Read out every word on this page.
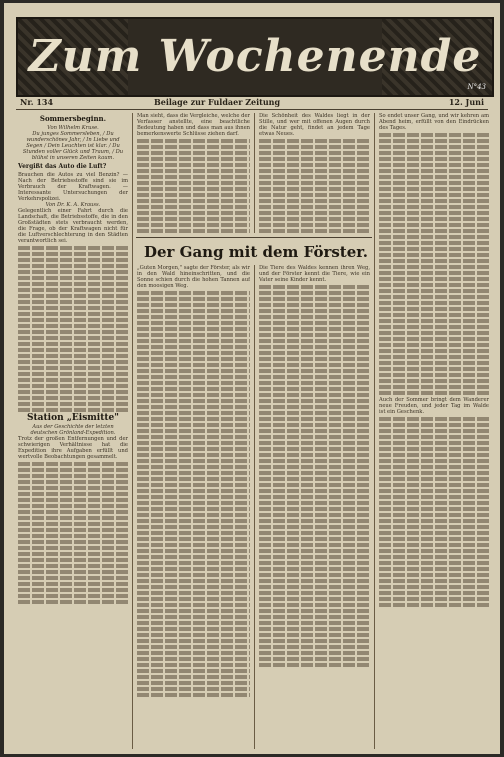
Zum Wochenende
N°43
Nr. 134	Beilage zur Fuldaer Zeitung	12. Juni
Sommersbeginn.
Von Wilhelm Kruse.
Du junges Sommersleben, / Du wunderschönes Jahr, / In Liebe und Segen / Dein Leuchten ist klar. / Du Stunden voller Glück und Traum, / Du blühst in unseren Zeiten kaum.
Vergißt das Auto die Luft?
Brauchen die Autos zu viel Benzin? — Nach der Betriebsstoffe sind sie im Verbrauch der Kraftwagen. — Interessante Untersuchungen der Verkehrspolizei.
Von Dr. K. A. Krauss.
Gelegentlich einer Fahrt durch die Landschaft, die Betriebsstoffe, die in den Großstädten stets verbraucht werden, die Frage, ob der Kraftwagen nicht für die Luftverschlechterung in den Städten verantwortlich sei.
Station „Eismitte"
Aus der Geschichte der letzten deutschen Grönland-Expedition.
Trotz der großen Entfernungen und der schwierigen Verhältnisse hat die Expedition ihre Aufgaben erfüllt und wertvolle Beobachtungen gesammelt.
Man sieht, dass die Vergleiche, welche der Verfasser anstellte, eine beachtliche Bedeutung haben und dass man aus ihnen bemerkenswerte Schlüsse ziehen darf.
Die Schönheit des Waldes liegt in der Stille, und wer mit offenen Augen durch die Natur geht, findet an jedem Tage etwas Neues.
Der Gang mit dem Förster.
„Guten Morgen," sagte der Förster, als wir in den Wald hineinschritten, und die Sonne schien durch die hohen Tannen auf den moosigen Weg.
Die Tiere des Waldes kennen ihren Weg, und der Förster kennt die Tiere, wie ein Vater seine Kinder kennt.
So endet unser Gang, und wir kehren am Abend heim, erfüllt von den Eindrücken des Tages.
Auch der Sommer bringt dem Wanderer neue Freuden, und jeder Tag im Walde ist ein Geschenk.
